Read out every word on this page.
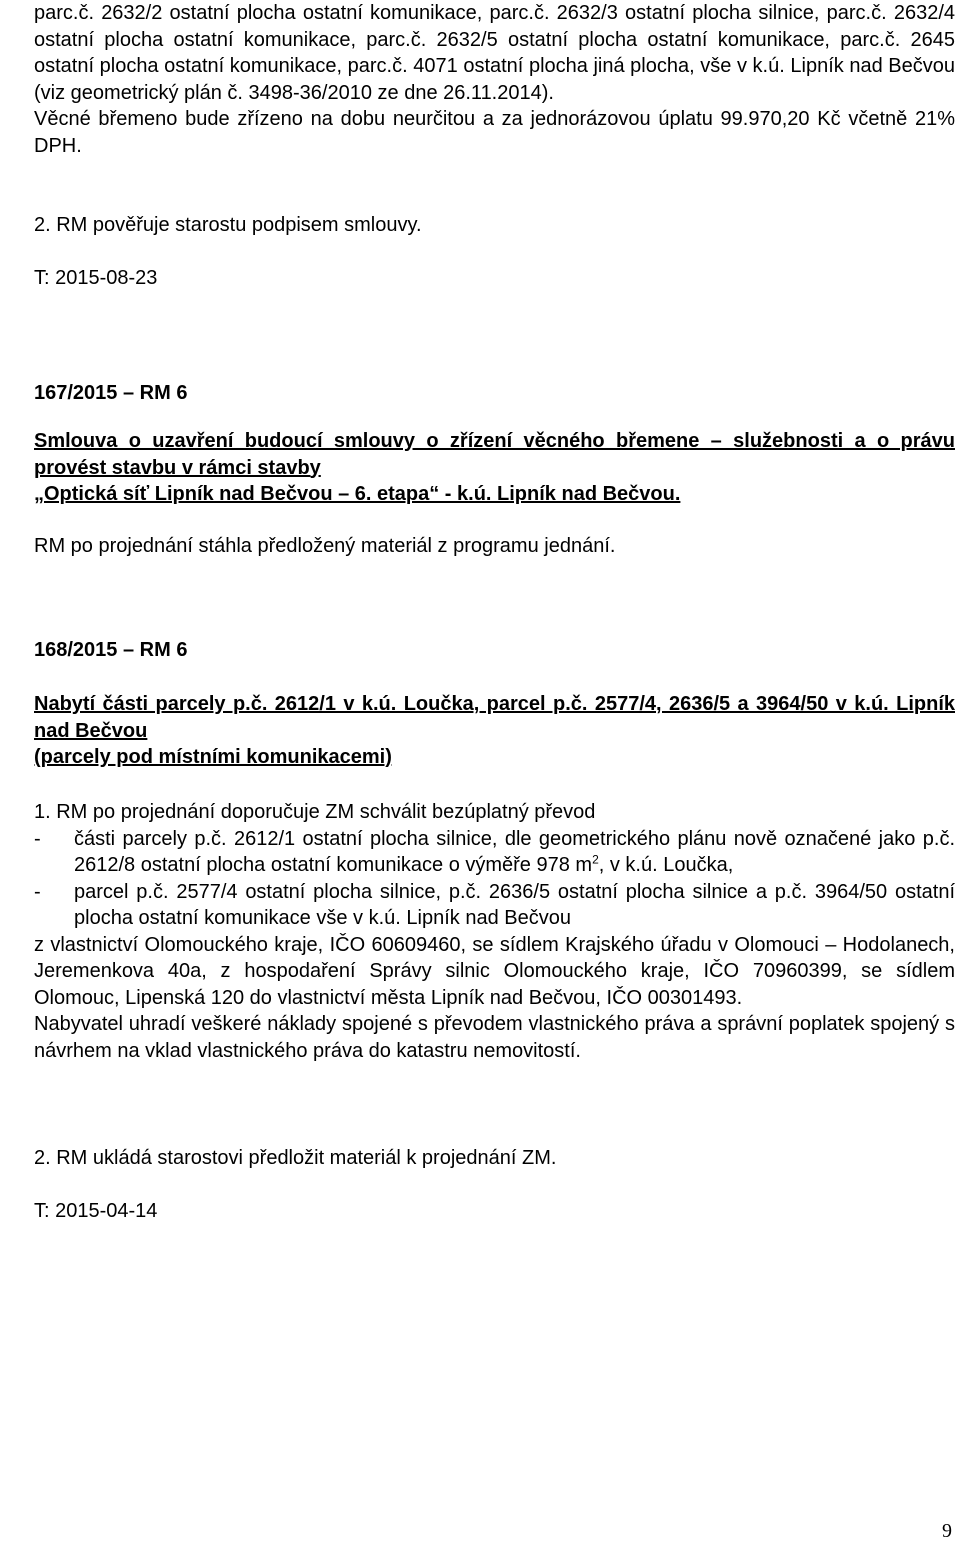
parc.č. 2632/2 ostatní plocha ostatní komunikace, parc.č. 2632/3 ostatní plocha silnice, parc.č. 2632/4 ostatní plocha ostatní komunikace, parc.č. 2632/5 ostatní plocha ostatní komunikace, parc.č. 2645 ostatní plocha ostatní komunikace, parc.č. 4071 ostatní plocha jiná plocha, vše v k.ú. Lipník nad Bečvou (viz geometrický plán č. 3498-36/2010 ze dne 26.11.2014).

Věcné břemeno bude zřízeno na dobu neurčitou a za jednorázovou úplatu 99.970,20 Kč včetně 21% DPH.

2. RM pověřuje starostu podpisem smlouvy.

T: 2015-08-23

167/2015 – RM 6

Smlouva o uzavření budoucí smlouvy o zřízení věcného břemene – služebnosti a o právu provést stavbu v rámci stavby

„Optická síť Lipník nad Bečvou – 6. etapa“ - k.ú. Lipník nad Bečvou.

RM po projednání stáhla předložený materiál z programu jednání.

168/2015 – RM 6

Nabytí části parcely p.č. 2612/1 v k.ú. Loučka, parcel p.č. 2577/4, 2636/5 a 3964/50 v k.ú. Lipník nad Bečvou

(parcely pod místními komunikacemi)

1. RM po projednání doporučuje ZM schválit bezúplatný převod

-	části parcely p.č. 2612/1 ostatní plocha silnice, dle geometrického plánu nově označené jako p.č. 2612/8 ostatní plocha ostatní komunikace o výměře 978 $m^2$, v k.ú. Loučka,
-	parcel p.č. 2577/4 ostatní plocha silnice, p.č. 2636/5 ostatní plocha silnice a p.č. 3964/50 ostatní plocha ostatní komunikace vše v k.ú. Lipník nad Bečvou

z vlastnictví Olomouckého kraje, IČO 60609460, se sídlem Krajského úřadu v Olomouci – Hodolanech, Jeremenkova 40a, z hospodaření Správy silnic Olomouckého kraje, IČO 70960399, se sídlem Olomouc, Lipenská 120 do vlastnictví města Lipník nad Bečvou, IČO 00301493.

Nabyvatel uhradí veškeré náklady spojené s převodem vlastnického práva a správní poplatek spojený s návrhem na vklad vlastnického práva do katastru nemovitostí.

2. RM ukládá starostovi předložit materiál k projednání ZM.

T: 2015-04-14

9
